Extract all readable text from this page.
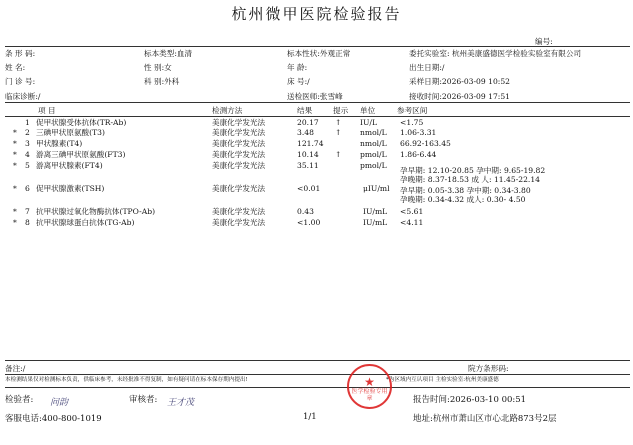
杭州微甲医院检验报告
编号:
条 形 码:	标本类型:血清	标本性状:外观正常	委托实验室: 杭州美康盛德医学检验实验室有限公司
姓 名:	性 别:女	年 龄:	出生日期:/
门 诊 号:	科 别:外科	床 号:/	采样日期:2026-03-09 10:52
临床诊断:/	送检医师:张雪峰	接收时间:2026-03-09 17:51
项 目	检测方法	结果	提示 单位	参考区间
1 促甲状腺受体抗体(TR-Ab)	美康化学发光法	20.17 ↑ IU/L	<1.75
* 2 三碘甲状原氨酸(T3)	美康化学发光法	3.48	↑ nmol/L 1.06-3.31
* 3 甲状腺素(T4)	美康化学发光法	121.74	nmol/L 66.92-163.45
* 4 游离三碘甲状原氨酸(FT3)	美康化学发光法	10.14 ↑ pmol/L 1.86-6.44
* 5 游离甲状腺素(FT4)	美康化学发光法	35.11	pmol/L
孕早期: 12.10-20.85 孕中期: 9.65-19.82
孕晚期: 8.37-18.53 成 人: 11.45-22.14
* 6 促甲状腺激素(TSH)	美康化学发光法	<0.01	μIU/ml 孕早期: 0.05-3.38 孕中期: 0.34-3.80
孕晚期: 0.34-4.32 成人: 0.30- 4.50
* 7 抗甲状腺过氧化物酶抗体(TPO-Ab)	美康化学发光法	0.43	IU/mL <5.61
* 8 抗甲状腺球蛋白抗体(TG-Ab)	美康化学发光法	<1.00	IU/mL <4.11
备注:/	院方条形码:
本检测结果仅对检测标本负责，供临床参考，未经批准不得复制，如有疑问请在标本保存期内提出!	*为区域内互认项目 主检实验室:杭州美康盛德
检验者: 问韵	审核者: 王才茂	报告时间:2026-03-10 00:51
客服电话:400-800-1019	1/1	地址:杭州市萧山区市心北路873号2层
★
医学检验专用章
